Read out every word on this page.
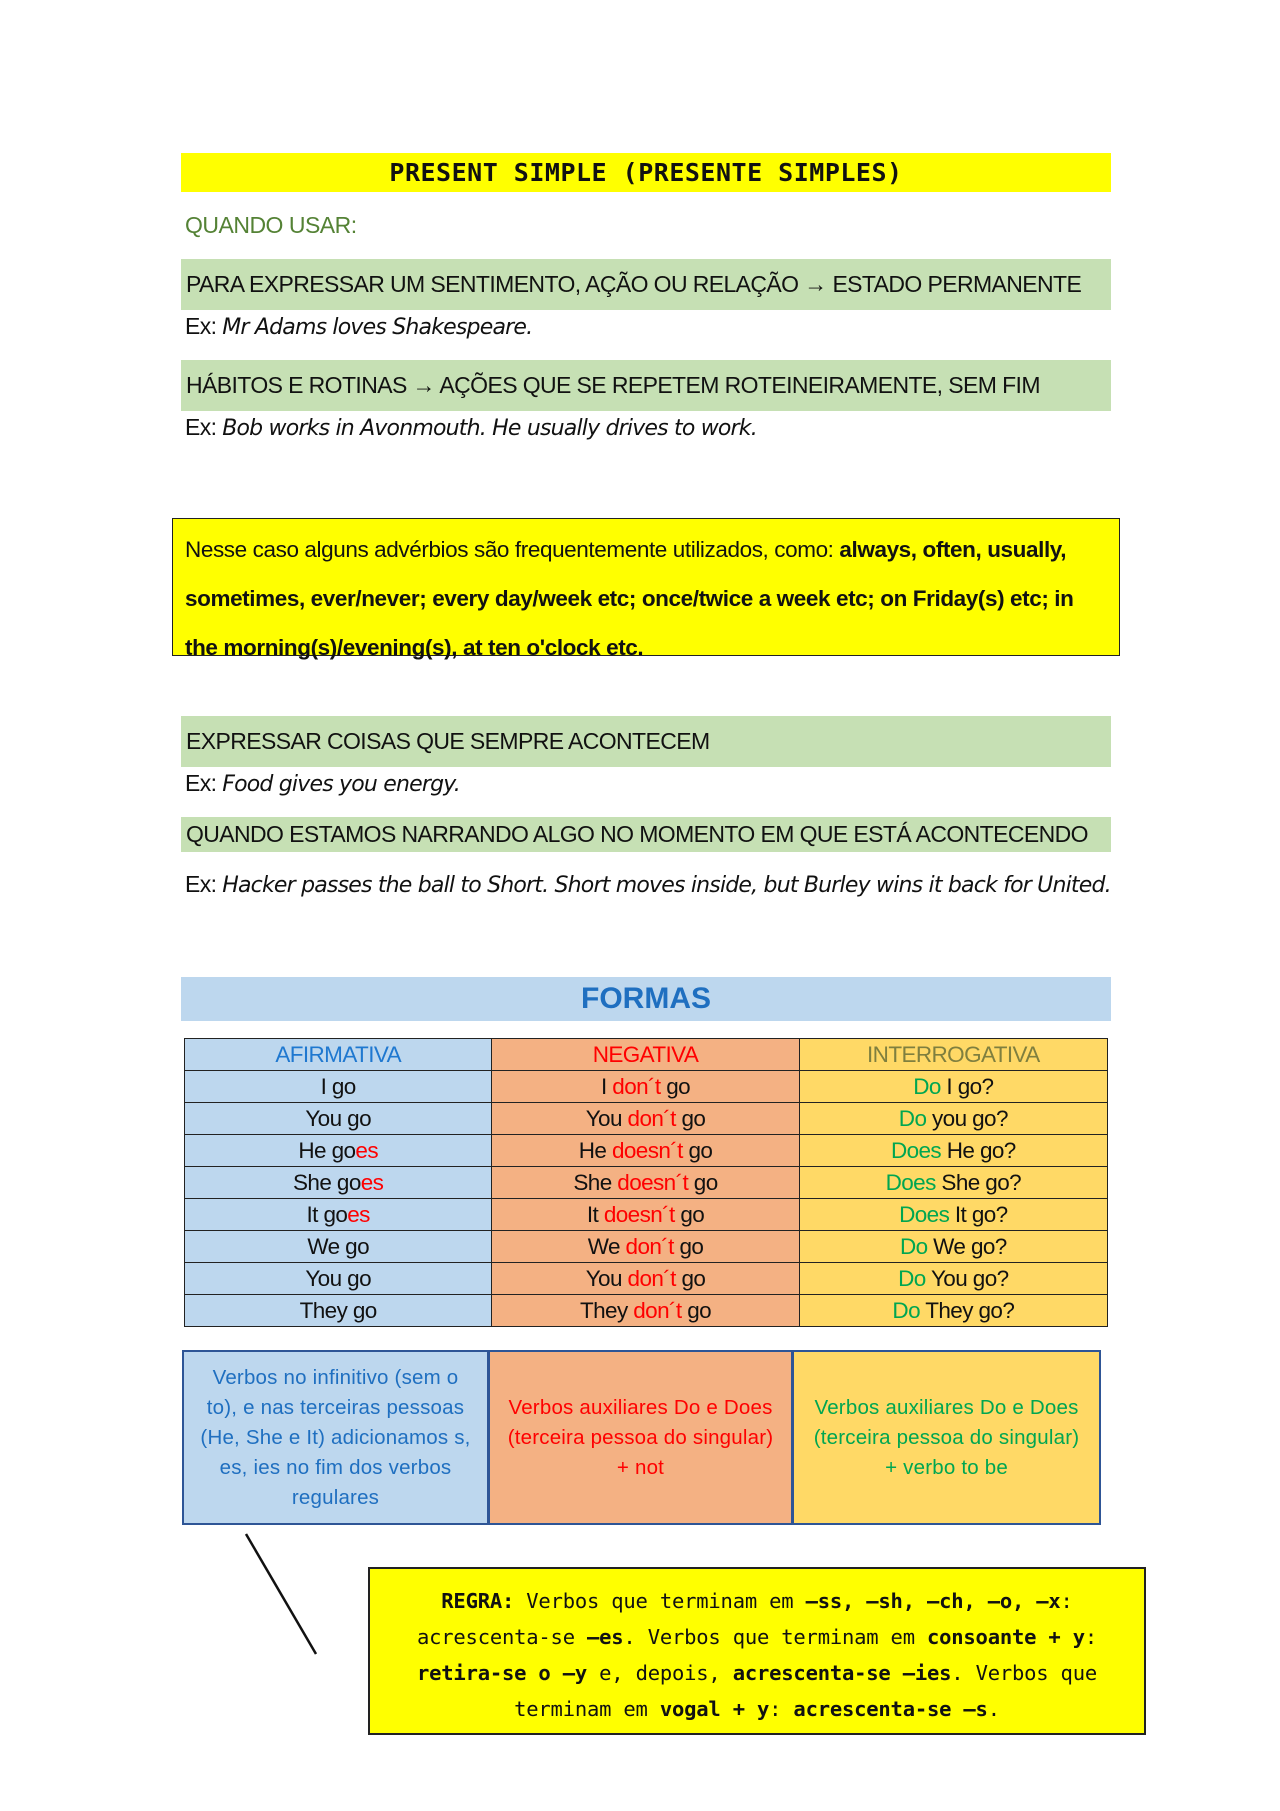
PRESENT SIMPLE (PRESENTE SIMPLES)
QUANDO USAR:
PARA EXPRESSAR UM SENTIMENTO, AÇÃO OU RELAÇÃO → ESTADO PERMANENTE
Ex: Mr Adams loves Shakespeare.
HÁBITOS E ROTINAS → AÇÕES QUE SE REPETEM ROTEINEIRAMENTE, SEM FIM
Ex: Bob works in Avonmouth. He usually drives to work.
Nesse caso alguns advérbios são frequentemente utilizados, como: always, often, usually, sometimes, ever/never; every day/week etc; once/twice a week etc; on Friday(s) etc; in the morning(s)/evening(s), at ten o'clock etc.
EXPRESSAR COISAS QUE SEMPRE ACONTECEM
Ex: Food gives you energy.
QUANDO ESTAMOS NARRANDO ALGO NO MOMENTO EM QUE ESTÁ ACONTECENDO
Ex: Hacker passes the ball to Short. Short moves inside, but Burley wins it back for United.
FORMAS
AFIRMATIVA	NEGATIVA	INTERROGATIVA
I go	I don´t go	Do I go?
You go	You don´t go	Do you go?
He goes	He doesn´t go	Does He go?
She goes	She doesn´t go	Does She go?
It goes	It doesn´t go	Does It go?
We go	We don´t go	Do We go?
You go	You don´t go	Do You go?
They go	They don´t go	Do They go?
Verbos no infinitivo (sem o to), e nas terceiras pessoas (He, She e It) adicionamos s, es, ies no fim dos verbos regulares
Verbos auxiliares Do e Does (terceira pessoa do singular) + not
Verbos auxiliares Do e Does (terceira pessoa do singular) + verbo to be
REGRA: Verbos que terminam em –ss, –sh, –ch, –o, –x: acrescenta-se –es. Verbos que terminam em consoante + y: retira-se o –y e, depois, acrescenta-se –ies. Verbos que terminam em vogal + y: acrescenta-se –s.
